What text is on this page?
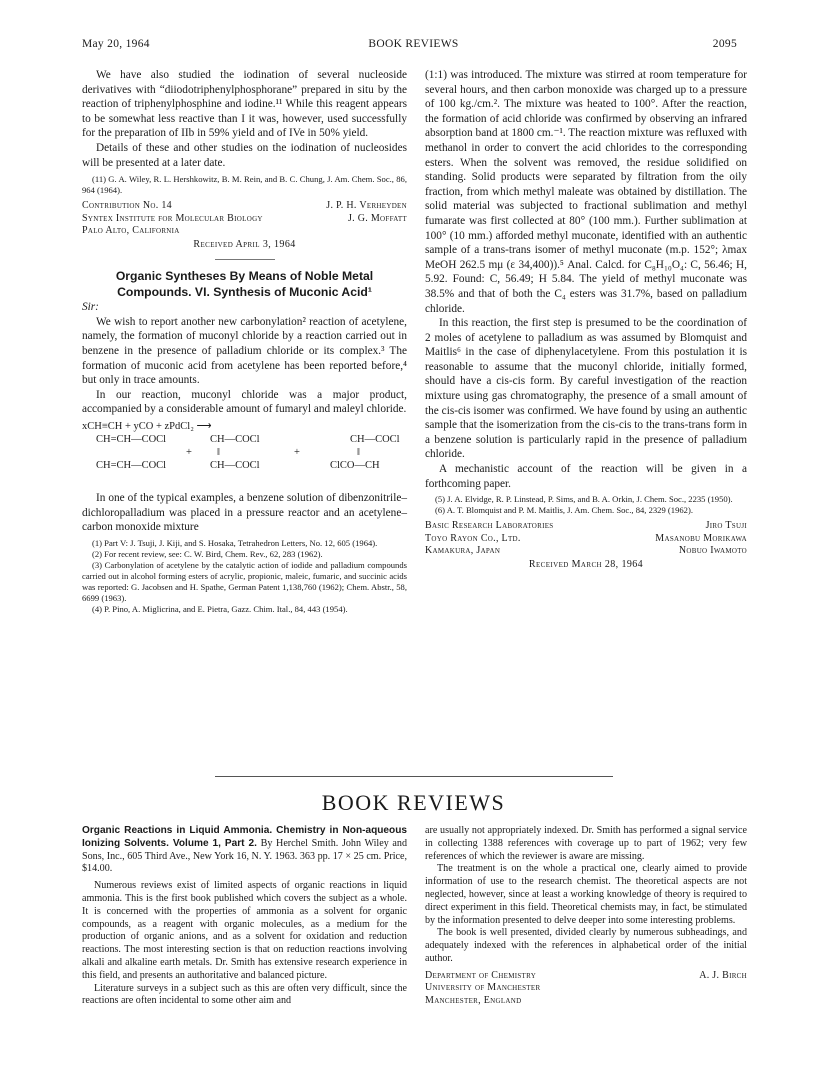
May 20, 1964	BOOK REVIEWS	2095

We have also studied the iodination of several nucleoside derivatives with “diiodotriphenylphosphorane” prepared in situ by the reaction of triphenylphosphine and iodine.¹¹ While this reagent appears to be somewhat less reactive than I it was, however, used successfully for the preparation of IIb in 59% yield and of IVe in 50% yield.

Details of these and other studies on the iodination of nucleosides will be presented at a later date.

(11) G. A. Wiley, R. L. Hershkowitz, B. M. Rein, and B. C. Chung, J. Am. Chem. Soc., 86, 964 (1964).

Contribution No. 14	J. P. H. Verheyden
Syntex Institute for Molecular Biology	J. G. Moffatt
Palo Alto, California

Received April 3, 1964

Organic Syntheses By Means of Noble Metal Compounds. VI. Synthesis of Muconic Acid¹

Sir:

We wish to report another new carbonylation² reaction of acetylene, namely, the formation of muconyl chloride by a reaction carried out in benzene in the presence of palladium chloride or its complex.³ The formation of muconic acid from acetylene has been reported before,⁴ but only in trace amounts.

In our reaction, muconyl chloride was a major product, accompanied by a considerable amount of fumaryl and maleyl chloride.

xCH≡CH + yCO + zPdCl₂ ⟶
CH=CH—COCl
CH=CH—COCl
+
CH—COCl
‖
CH—COCl
+
CH—COCl
‖
ClCO—CH

In one of the typical examples, a benzene solution of dibenzonitrile–dichloropalladium was placed in a pressure reactor and an acetylene–carbon monoxide mixture

(1) Part V: J. Tsuji, J. Kiji, and S. Hosaka, Tetrahedron Letters, No. 12, 605 (1964).

(2) For recent review, see: C. W. Bird, Chem. Rev., 62, 283 (1962).

(3) Carbonylation of acetylene by the catalytic action of iodide and palladium compounds carried out in alcohol forming esters of acrylic, propionic, maleic, fumaric, and succinic acids was reported: G. Jacobsen and H. Spathe, German Patent 1,138,760 (1962); Chem. Abstr., 58, 6699 (1963).

(4) P. Pino, A. Miglicrina, and E. Pietra, Gazz. Chim. Ital., 84, 443 (1954).

(1:1) was introduced. The mixture was stirred at room temperature for several hours, and then carbon monoxide was charged up to a pressure of 100 kg./cm.². The mixture was heated to 100°. After the reaction, the formation of acid chloride was confirmed by observing an infrared absorption band at 1800 cm.⁻¹. The reaction mixture was refluxed with methanol in order to convert the acid chlorides to the corresponding esters. When the solvent was removed, the residue solidified on standing. Solid products were separated by filtration from the oily fraction, from which methyl maleate was obtained by distillation. The solid material was subjected to fractional sublimation and methyl fumarate was first collected at 80° (100 mm.). Further sublimation at 100° (10 mm.) afforded methyl muconate, identified with an authentic sample of a trans-trans isomer of methyl muconate (m.p. 152°; λmax MeOH 262.5 mμ (ε 34,400)).⁵ Anal. Calcd. for C₈H₁₀O₄: C, 56.46; H, 5.92. Found: C, 56.49; H 5.84. The yield of methyl muconate was 38.5% and that of both the C₄ esters was 31.7%, based on palladium chloride.

In this reaction, the first step is presumed to be the coordination of 2 moles of acetylene to palladium as was assumed by Blomquist and Maitlis⁶ in the case of diphenylacetylene. From this postulation it is reasonable to assume that the muconyl chloride, initially formed, should have a cis-cis form. By careful investigation of the reaction mixture using gas chromatography, the presence of a small amount of the cis-cis isomer was confirmed. We have found by using an authentic sample that the isomerization from the cis-cis to the trans-trans form in a benzene solution is particularly rapid in the presence of palladium chloride.

A mechanistic account of the reaction will be given in a forthcoming paper.

(5) J. A. Elvidge, R. P. Linstead, P. Sims, and B. A. Orkin, J. Chem. Soc., 2235 (1950).

(6) A. T. Blomquist and P. M. Maitlis, J. Am. Chem. Soc., 84, 2329 (1962).

Basic Research Laboratories	Jiro Tsuji
Toyo Rayon Co., Ltd.	Masanobu Morikawa
Kamakura, Japan	Nobuo Iwamoto

Received March 28, 1964

BOOK REVIEWS

Organic Reactions in Liquid Ammonia. Chemistry in Non-aqueous Ionizing Solvents. Volume 1, Part 2. By Herchel Smith. John Wiley and Sons, Inc., 605 Third Ave., New York 16, N. Y. 1963. 363 pp. 17 × 25 cm. Price, $14.00.

Numerous reviews exist of limited aspects of organic reactions in liquid ammonia. This is the first book published which covers the subject as a whole. It is concerned with the properties of ammonia as a solvent for organic compounds, as a reagent with organic molecules, as a medium for the production of organic anions, and as a solvent for oxidation and reduction reactions. The most interesting section is that on reduction reactions involving alkali and alkaline earth metals. Dr. Smith has extensive research experience in this field, and presents an authoritative and balanced picture.

Literature surveys in a subject such as this are often very difficult, since the reactions are often incidental to some other aim and

are usually not appropriately indexed. Dr. Smith has performed a signal service in collecting 1388 references with coverage up to part of 1962; very few references of which the reviewer is aware are missing.

The treatment is on the whole a practical one, clearly aimed to provide information of use to the research chemist. The theoretical aspects are not neglected, however, since at least a working knowledge of theory is required to direct experiment in this field. Theoretical chemists may, in fact, be stimulated by the information presented to delve deeper into some interesting problems.

The book is well presented, divided clearly by numerous subheadings, and adequately indexed with the references in alphabetical order of the initial author.

Department of Chemistry	A. J. Birch
University of Manchester
Manchester, England
